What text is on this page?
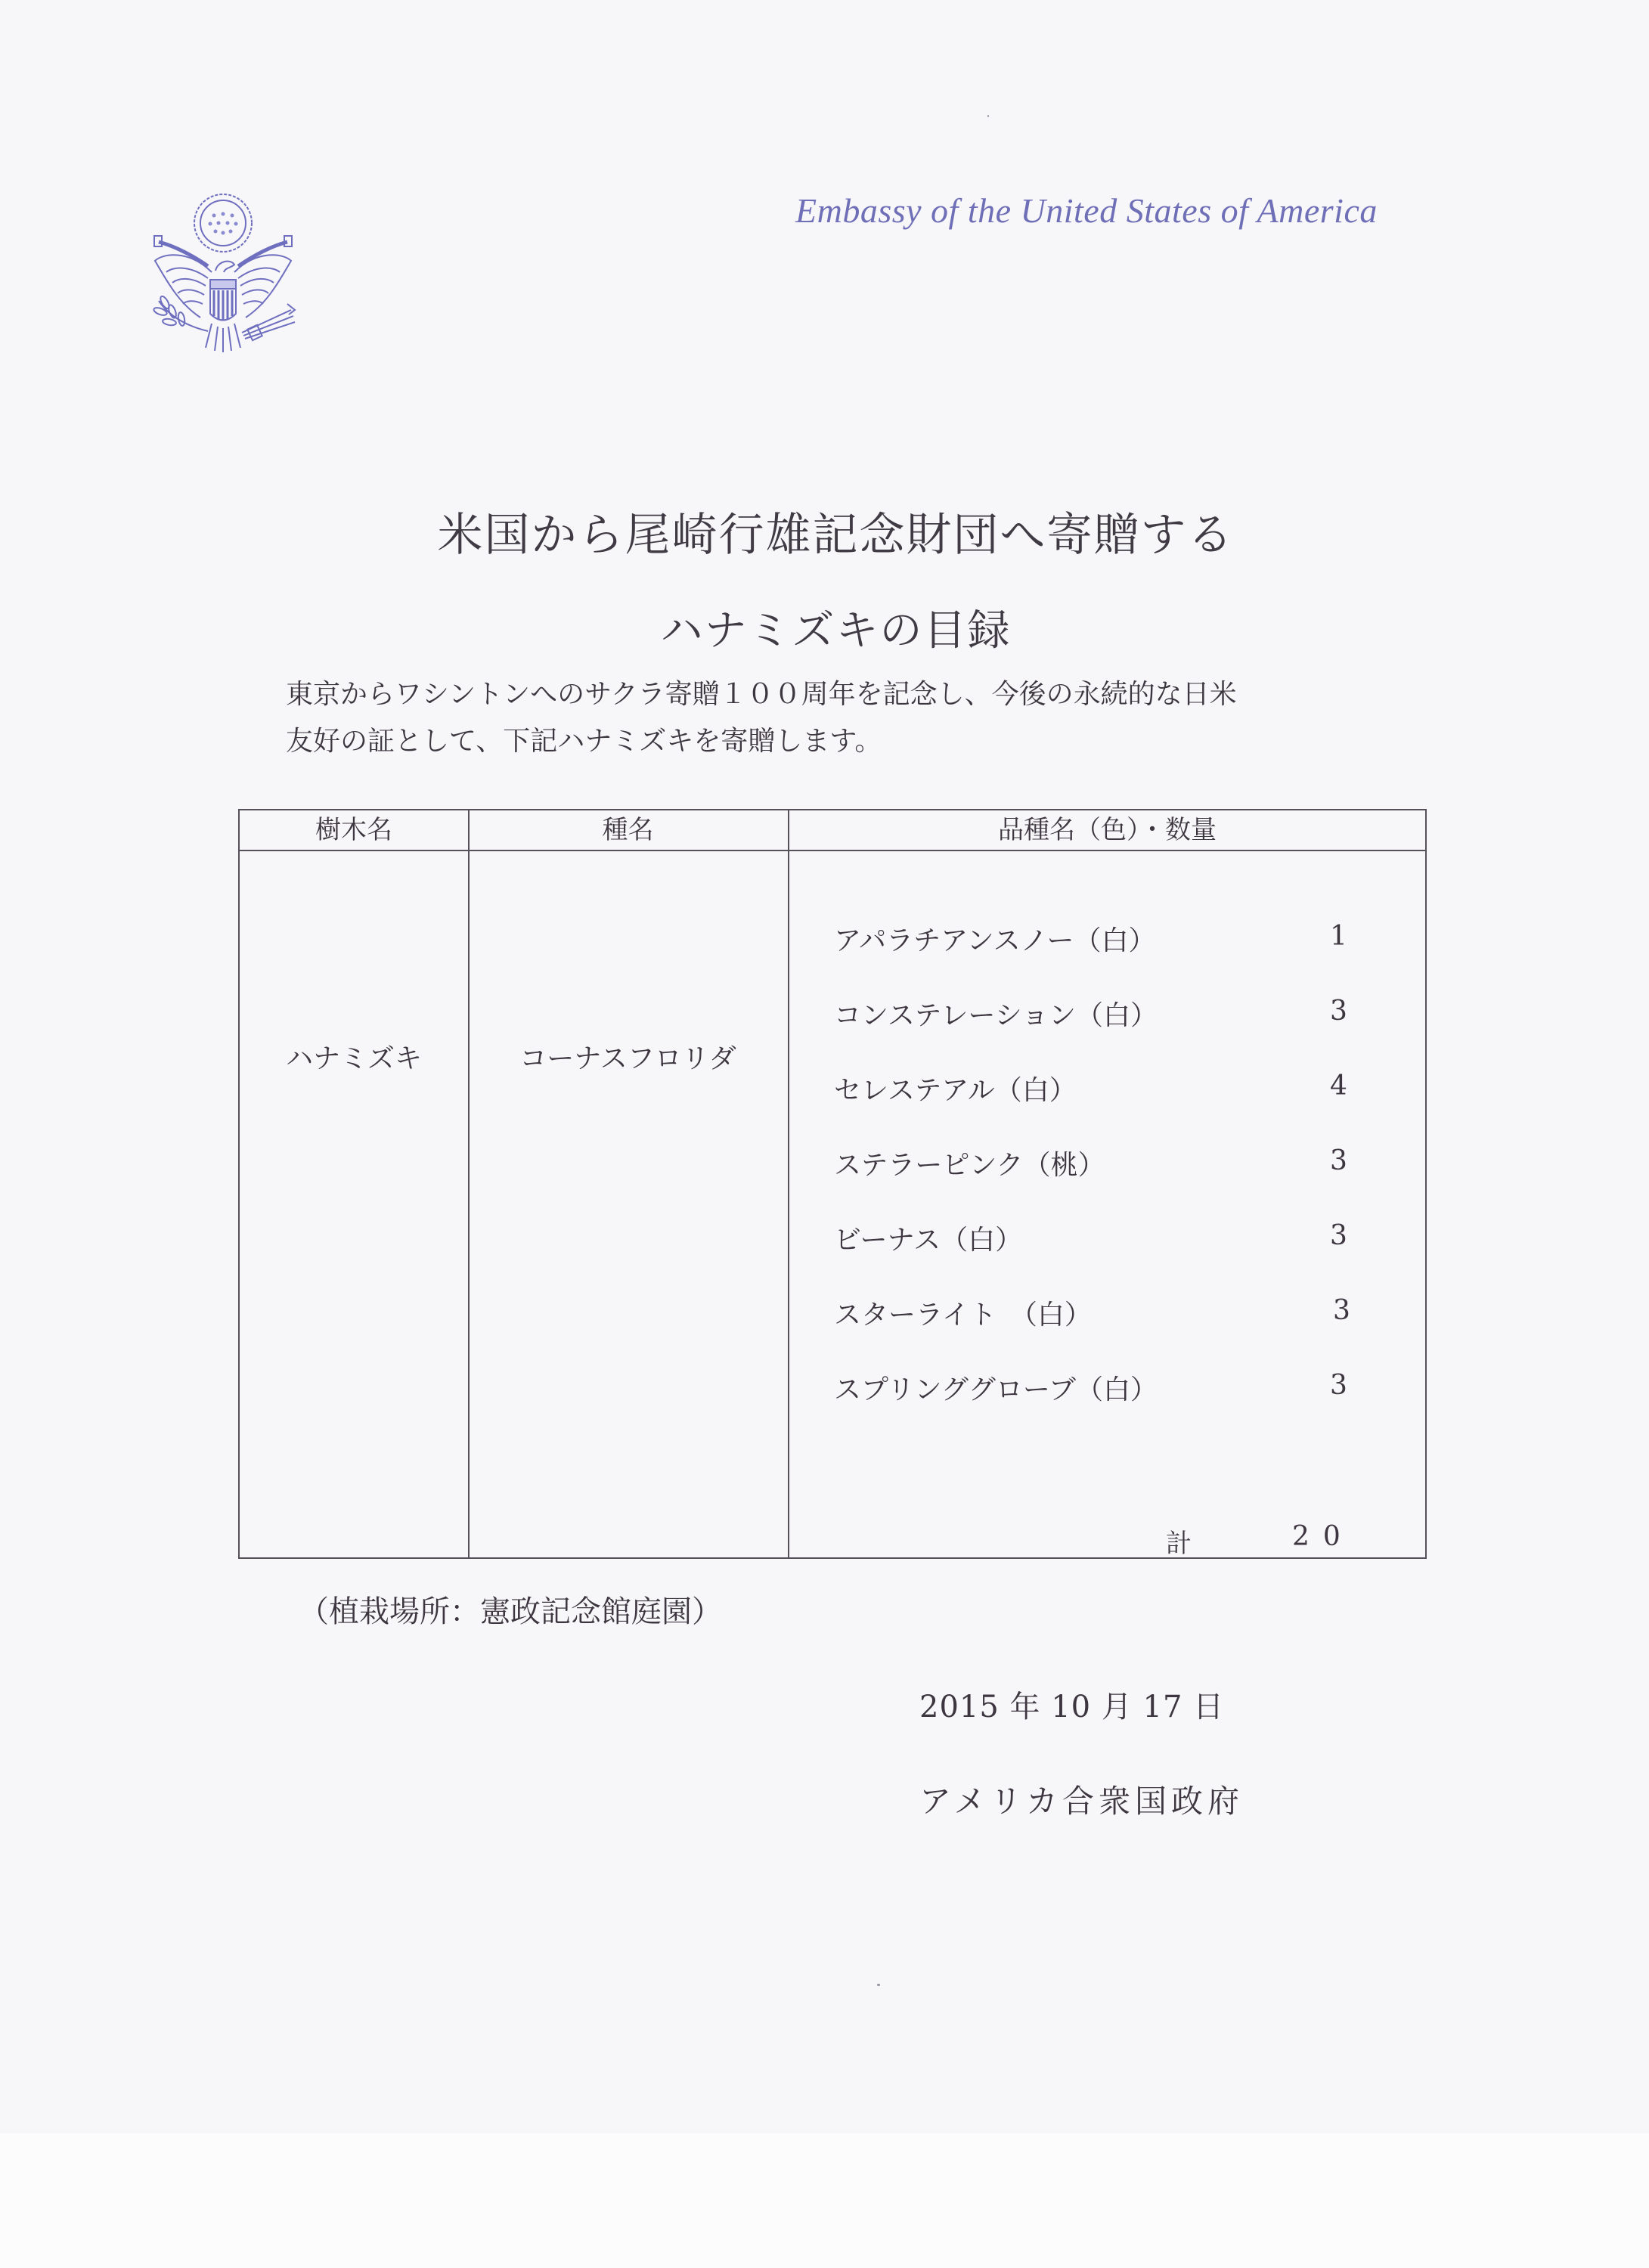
Embassy of the United States of America
米国から尾崎行雄記念財団へ寄贈する
ハナミズキの目録

東京からワシントンへのサクラ寄贈１００周年を記念し、今後の永続的な日米

友好の証として、下記ハナミズキを寄贈します。

樹木名	種名	品種名（色）・数量
ハナミズキ	コーナスフロリダ
アパラチアンスノー（白）	1
コンステレーション（白）	3
セレステアル（白）	4
ステラーピンク（桃）	3
ビーナス（白）	3
スターライト　（白）	3
スプリンググローブ（白）	3
計	20
（植栽場所：憲政記念館庭園）
2015 年 10 月 17 日
アメリカ合衆国政府
